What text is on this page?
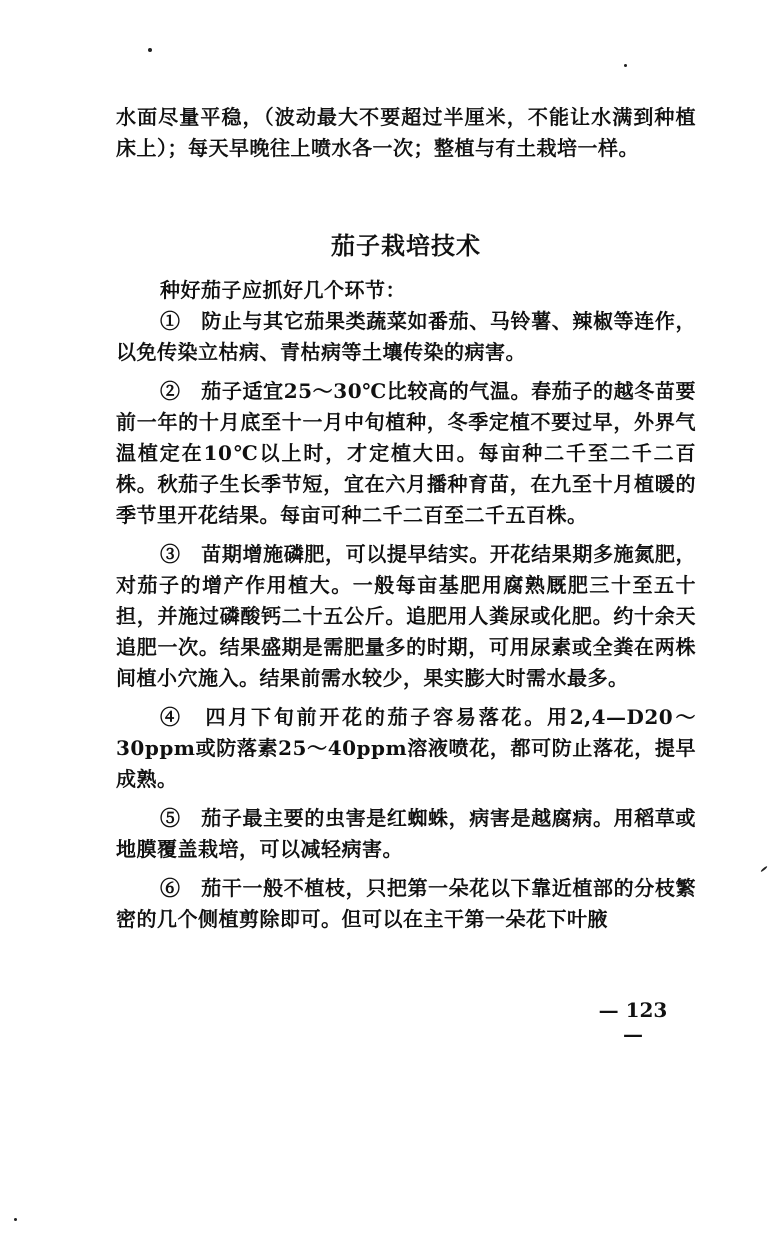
水面尽量平稳，（波动最大不要超过半厘米，不能让水满到种植床上）；每天早晚往上喷水各一次；整植与有土栽培一样。

茄子栽培技术

种好茄子应抓好几个环节：

①　防止与其它茄果类蔬菜如番茄、马铃薯、辣椒等连作，以免传染立枯病、青枯病等土壤传染的病害。

②　茄子适宜25～30℃比较高的气温。春茄子的越冬苗要前一年的十月底至十一月中旬植种，冬季定植不要过早，外界气温植定在10℃以上时，才定植大田。每亩种二千至二千二百株。秋茄子生长季节短，宜在六月播种育苗，在九至十月植暖的季节里开花结果。每亩可种二千二百至二千五百株。

③　苗期增施磷肥，可以提早结实。开花结果期多施氮肥，对茄子的增产作用植大。一般每亩基肥用腐熟厩肥三十至五十担，并施过磷酸钙二十五公斤。追肥用人粪尿或化肥。约十余天追肥一次。结果盛期是需肥量多的时期，可用尿素或全粪在两株间植小穴施入。结果前需水较少，果实膨大时需水最多。

④　四月下旬前开花的茄子容易落花。用2,4—D20～30ppm或防落素25～40ppm溶液喷花，都可防止落花，提早成熟。

⑤　茄子最主要的虫害是红蜘蛛，病害是越腐病。用稻草或地膜覆盖栽培，可以减轻病害。

⑥　茄干一般不植枝，只把第一朵花以下靠近植部的分枝繁密的几个侧植剪除即可。但可以在主干第一朵花下叶腋

— 123 —
